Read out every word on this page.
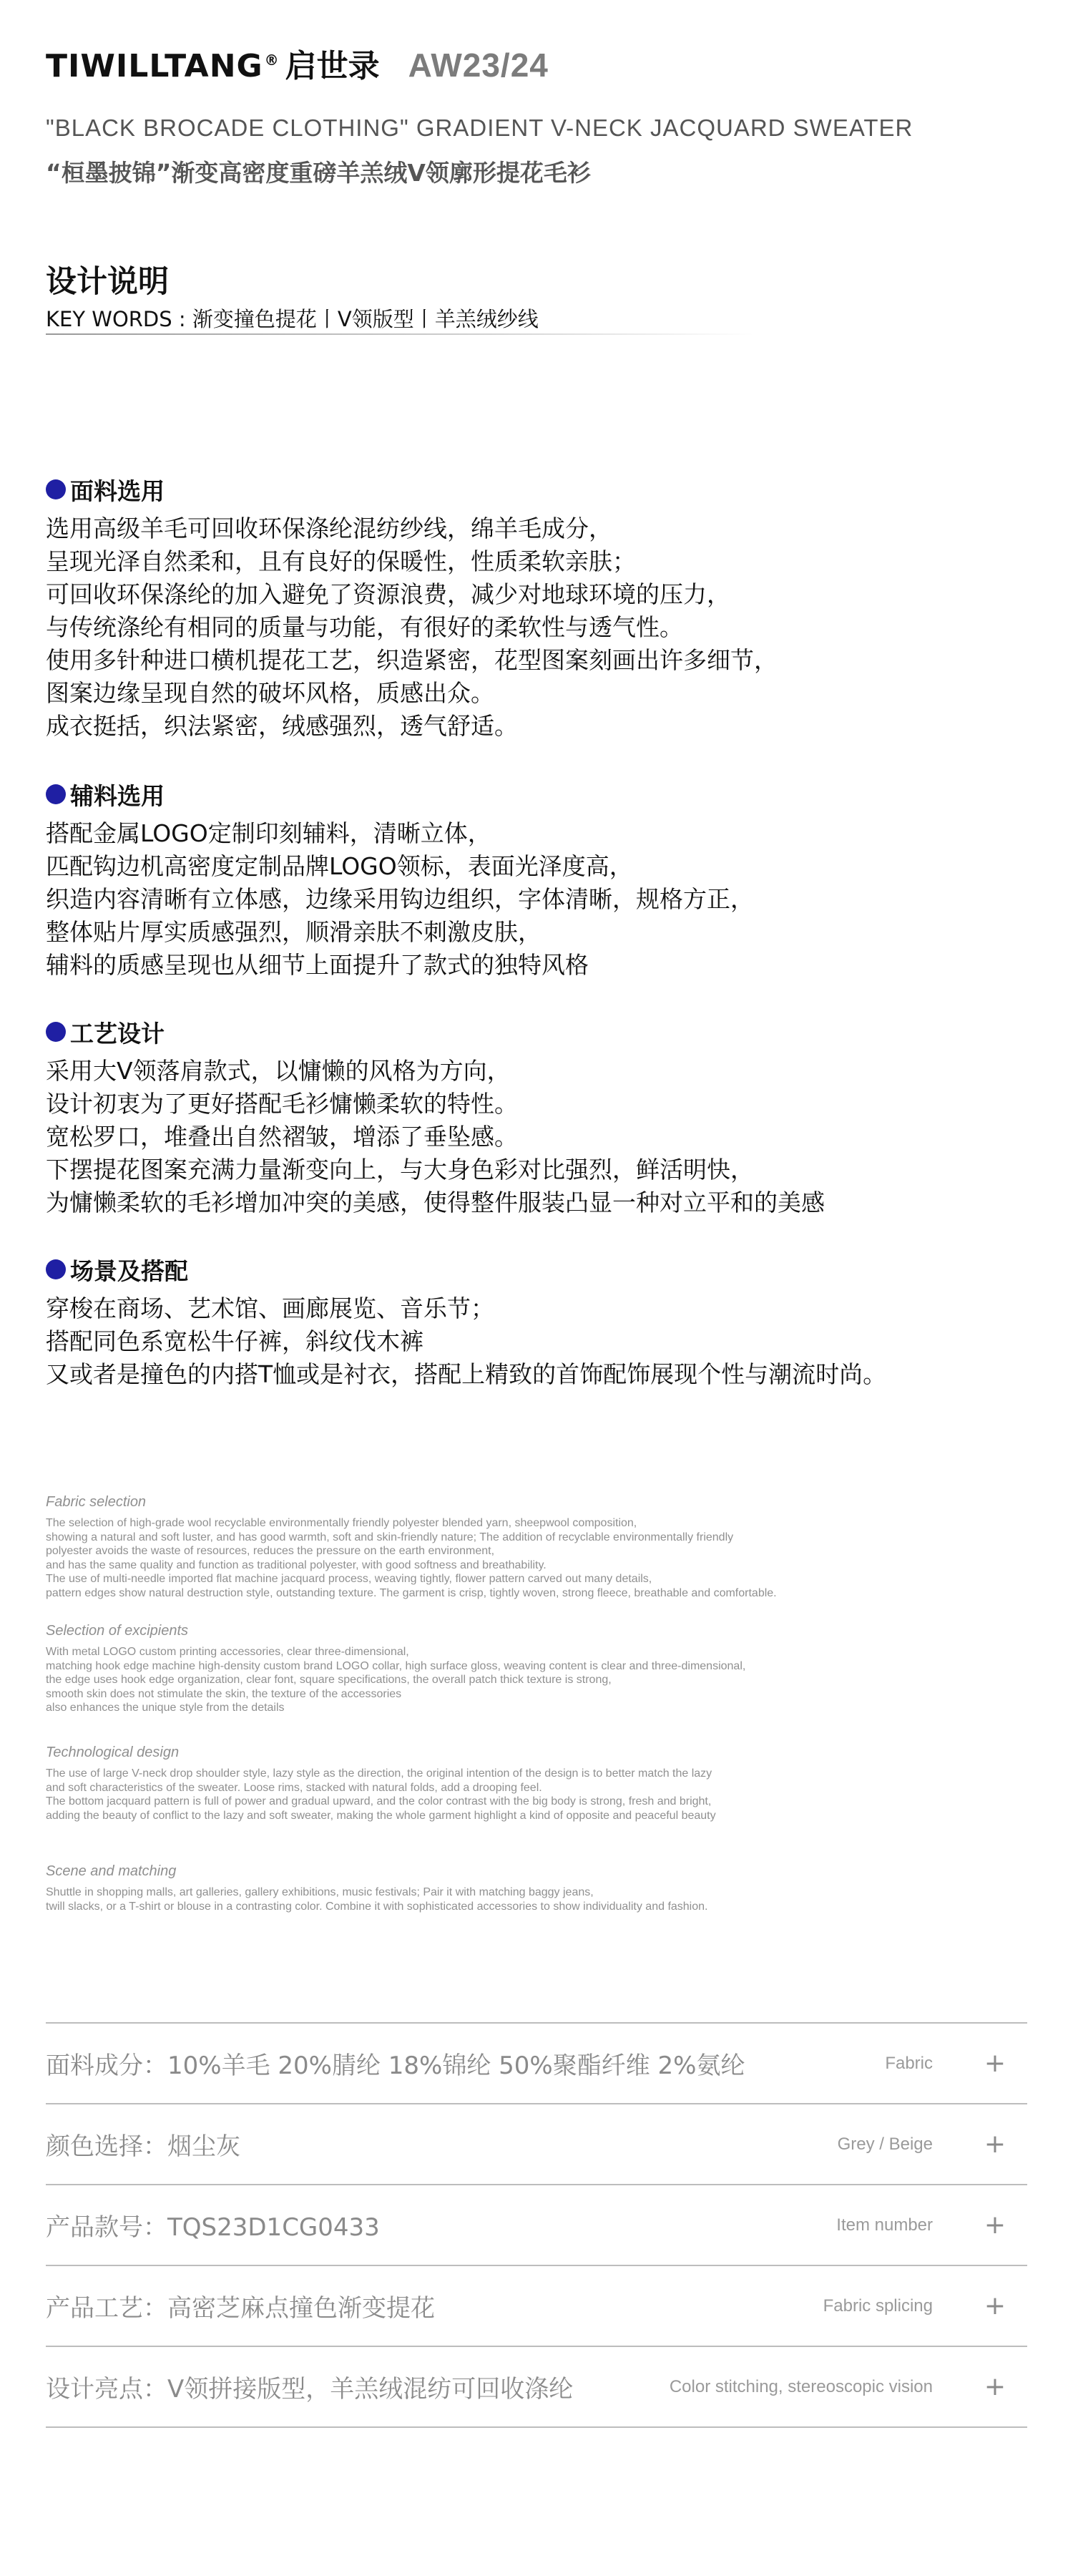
TIWILLTANG ® 启世录 AW23/24
"BLACK BROCADE CLOTHING" GRADIENT V-NECK JACQUARD SWEATER
“桓墨披锦”渐变高密度重磅羊羔绒V领廓形提花毛衫
设计说明
KEY WORDS : 渐变撞色提花丨V领版型丨羊羔绒纱线
面料选用
选用高级羊毛可回收环保涤纶混纺纱线，绵羊毛成分，
呈现光泽自然柔和，且有良好的保暖性，性质柔软亲肤；
可回收环保涤纶的加入避免了资源浪费，减少对地球环境的压力，
与传统涤纶有相同的质量与功能，有很好的柔软性与透气性。
使用多针种进口横机提花工艺，织造紧密，花型图案刻画出许多细节，
图案边缘呈现自然的破坏风格，质感出众。
成衣挺括，织法紧密，绒感强烈，透气舒适。
辅料选用
搭配金属LOGO定制印刻辅料，清晰立体，
匹配钩边机高密度定制品牌LOGO领标，表面光泽度高，
织造内容清晰有立体感，边缘采用钩边组织，字体清晰，规格方正，
整体贴片厚实质感强烈，顺滑亲肤不刺激皮肤，
辅料的质感呈现也从细节上面提升了款式的独特风格
工艺设计
采用大V领落肩款式，以慵懒的风格为方向，
设计初衷为了更好搭配毛衫慵懒柔软的特性。
宽松罗口，堆叠出自然褶皱，增添了垂坠感。
下摆提花图案充满力量渐变向上，与大身色彩对比强烈，鲜活明快，
为慵懒柔软的毛衫增加冲突的美感，使得整件服装凸显一种对立平和的美感
场景及搭配
穿梭在商场、艺术馆、画廊展览、音乐节；
搭配同色系宽松牛仔裤，斜纹伐木裤
又或者是撞色的内搭T恤或是衬衣，搭配上精致的首饰配饰展现个性与潮流时尚。
Fabric selection
The selection of high-grade wool recyclable environmentally friendly polyester blended yarn, sheepwool composition,
showing a natural and soft luster, and has good warmth, soft and skin-friendly nature; The addition of recyclable environmentally friendly
polyester avoids the waste of resources, reduces the pressure on the earth environment,
and has the same quality and function as traditional polyester, with good softness and breathability.
The use of multi-needle imported flat machine jacquard process, weaving tightly, flower pattern carved out many details,
pattern edges show natural destruction style, outstanding texture. The garment is crisp, tightly woven, strong fleece, breathable and comfortable.
Selection of excipients
With metal LOGO custom printing accessories, clear three-dimensional,
matching hook edge machine high-density custom brand LOGO collar, high surface gloss, weaving content is clear and three-dimensional,
the edge uses hook edge organization, clear font, square specifications, the overall patch thick texture is strong,
smooth skin does not stimulate the skin, the texture of the accessories
also enhances the unique style from the details
Technological design
The use of large V-neck drop shoulder style, lazy style as the direction, the original intention of the design is to better match the lazy
and soft characteristics of the sweater. Loose rims, stacked with natural folds, add a drooping feel.
The bottom jacquard pattern is full of power and gradual upward, and the color contrast with the big body is strong, fresh and bright,
adding the beauty of conflict to the lazy and soft sweater, making the whole garment highlight a kind of opposite and peaceful beauty
Scene and matching
Shuttle in shopping malls, art galleries, gallery exhibitions, music festivals; Pair it with matching baggy jeans,
twill slacks, or a T-shirt or blouse in a contrasting color. Combine it with sophisticated accessories to show individuality and fashion.
面料成分：10%羊毛 20%腈纶 18%锦纶 50%聚酯纤维 2%氨纶	Fabric +
颜色选择：烟尘灰	Grey / Beige +
产品款号：TQS23D1CG0433	Item number +
产品工艺：高密芝麻点撞色渐变提花	Fabric splicing +
设计亮点：V领拼接版型，羊羔绒混纺可回收涤纶	Color stitching, stereoscopic vision +
